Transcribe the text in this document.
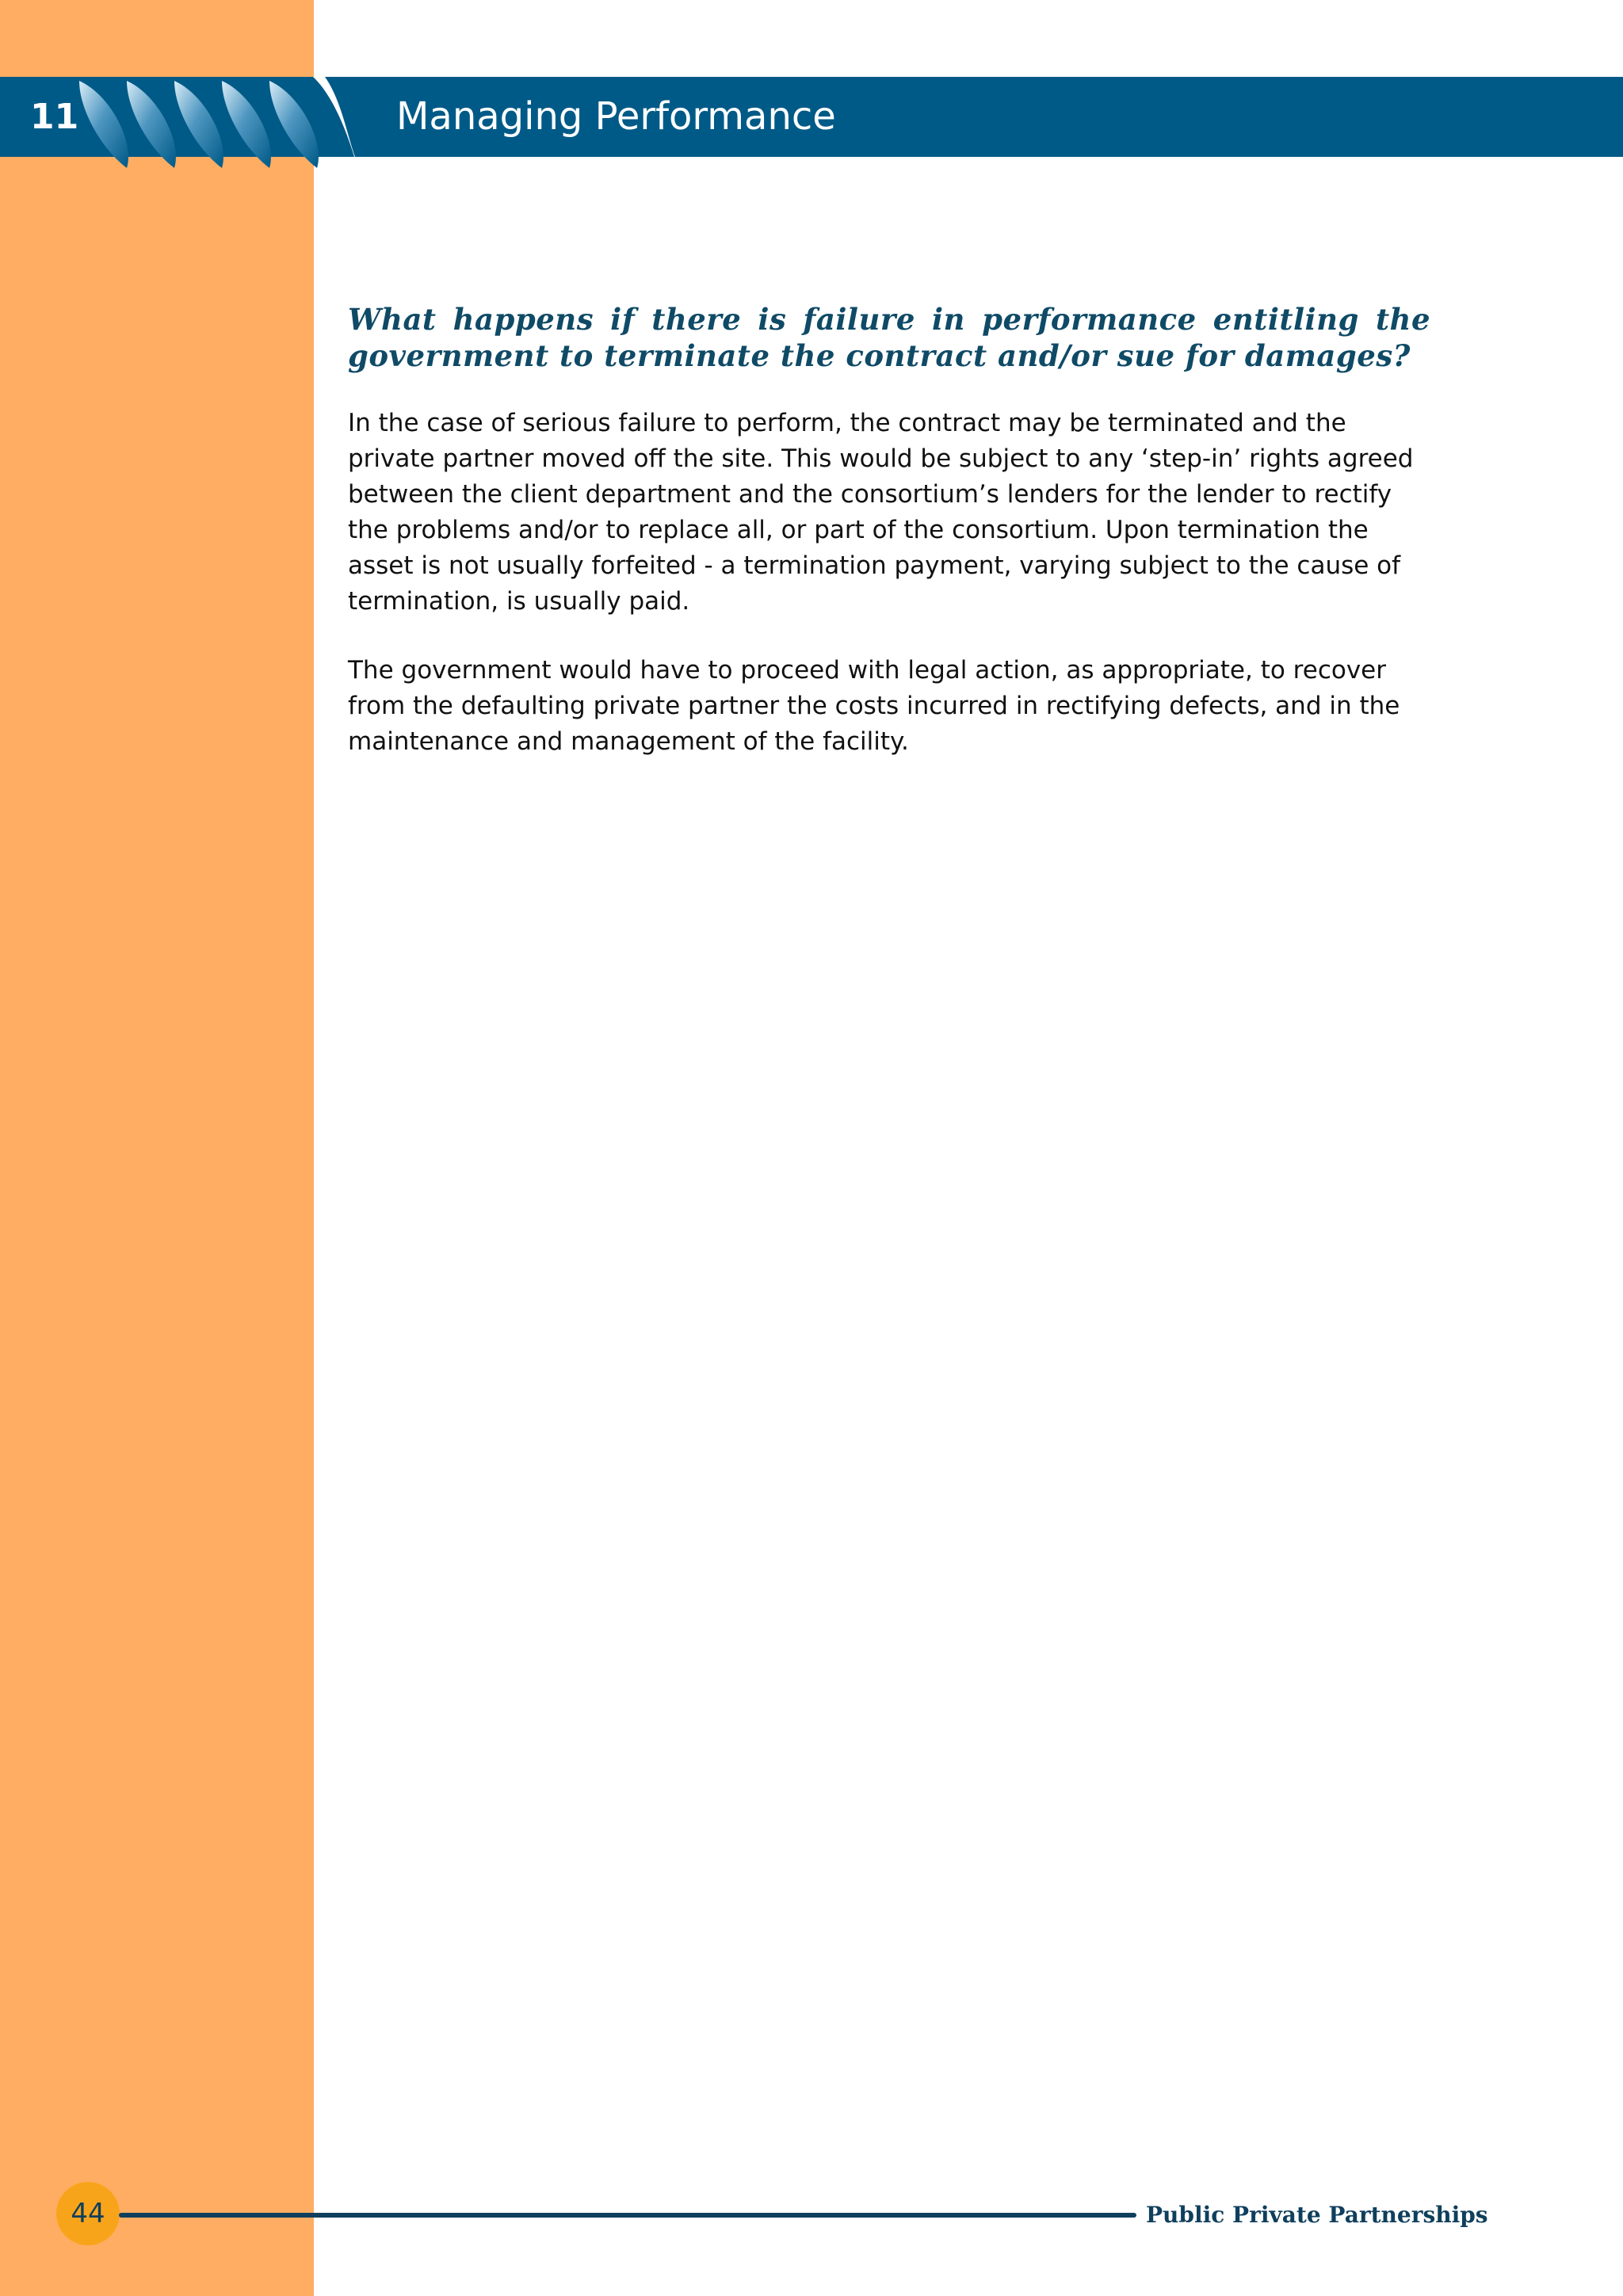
11	Managing Performance

What happens if there is failure in performance entitling the government to terminate the contract and/or sue for damages?

In the case of serious failure to perform, the contract may be terminated and the private partner moved off the site. This would be subject to any ‘step-in’ rights agreed between the client department and the consortium’s lenders for the lender to rectify the problems and/or to replace all, or part of the consortium. Upon termination the asset is not usually forfeited - a termination payment, varying subject to the cause of termination, is usually paid.

The government would have to proceed with legal action, as appropriate, to recover from the defaulting private partner the costs incurred in rectifying defects, and in the maintenance and management of the facility.

44	Public Private Partnerships
